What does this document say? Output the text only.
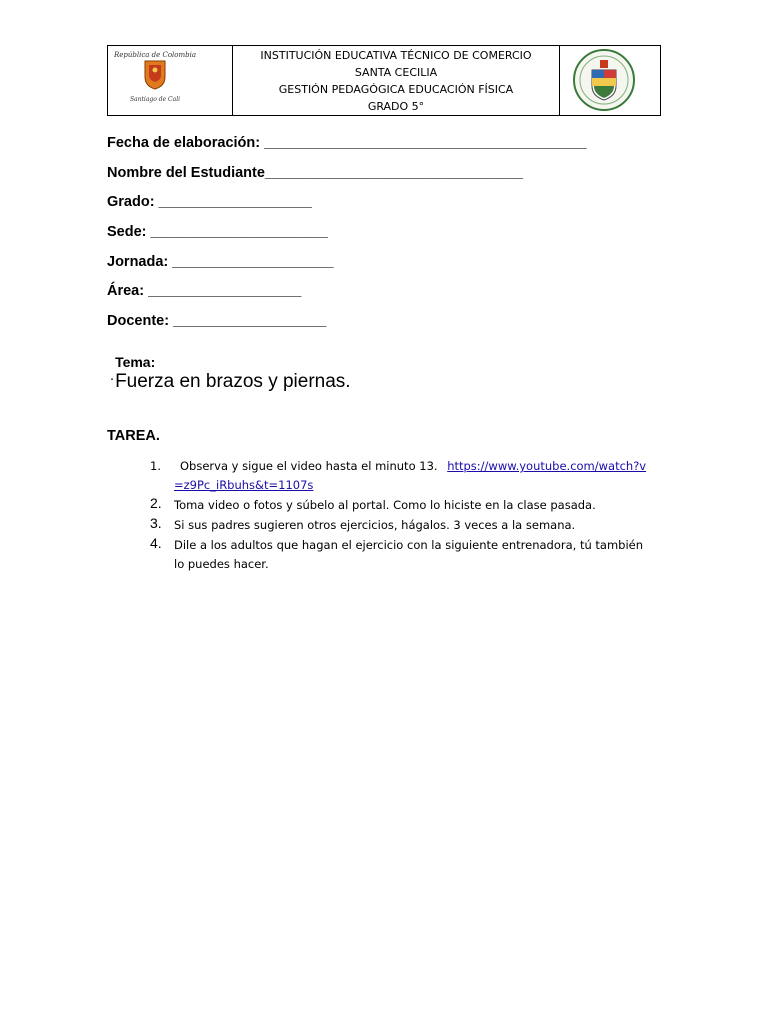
República de Colombia
Santiago de Cali
INSTITUCIÓN EDUCATIVA TÉCNICO DE COMERCIO
SANTA CECILIA
GESTIÓN PEDAGÓGICA EDUCACIÓN FÍSICA
GRADO 5°
Fecha de elaboración: ________________________________________
Nombre del Estudiante________________________________
Grado: ___________________
Sede: ______________________
Jornada: ____________________
Área: ___________________
Docente: ___________________

Tema:
Fuerza en brazos y piernas.

.
TAREA.
1. Observa y sigue el video hasta el minuto 13. https://www.youtube.com/watch?v=z9Pc_iRbuhs&t=1107s
2. Toma video o fotos y súbelo al portal. Como lo hiciste en la clase pasada.
3. Si sus padres sugieren otros ejercicios, hágalos. 3 veces a la semana.
4. Dile a los adultos que hagan el ejercicio con la siguiente entrenadora, tú también lo puedes hacer.
